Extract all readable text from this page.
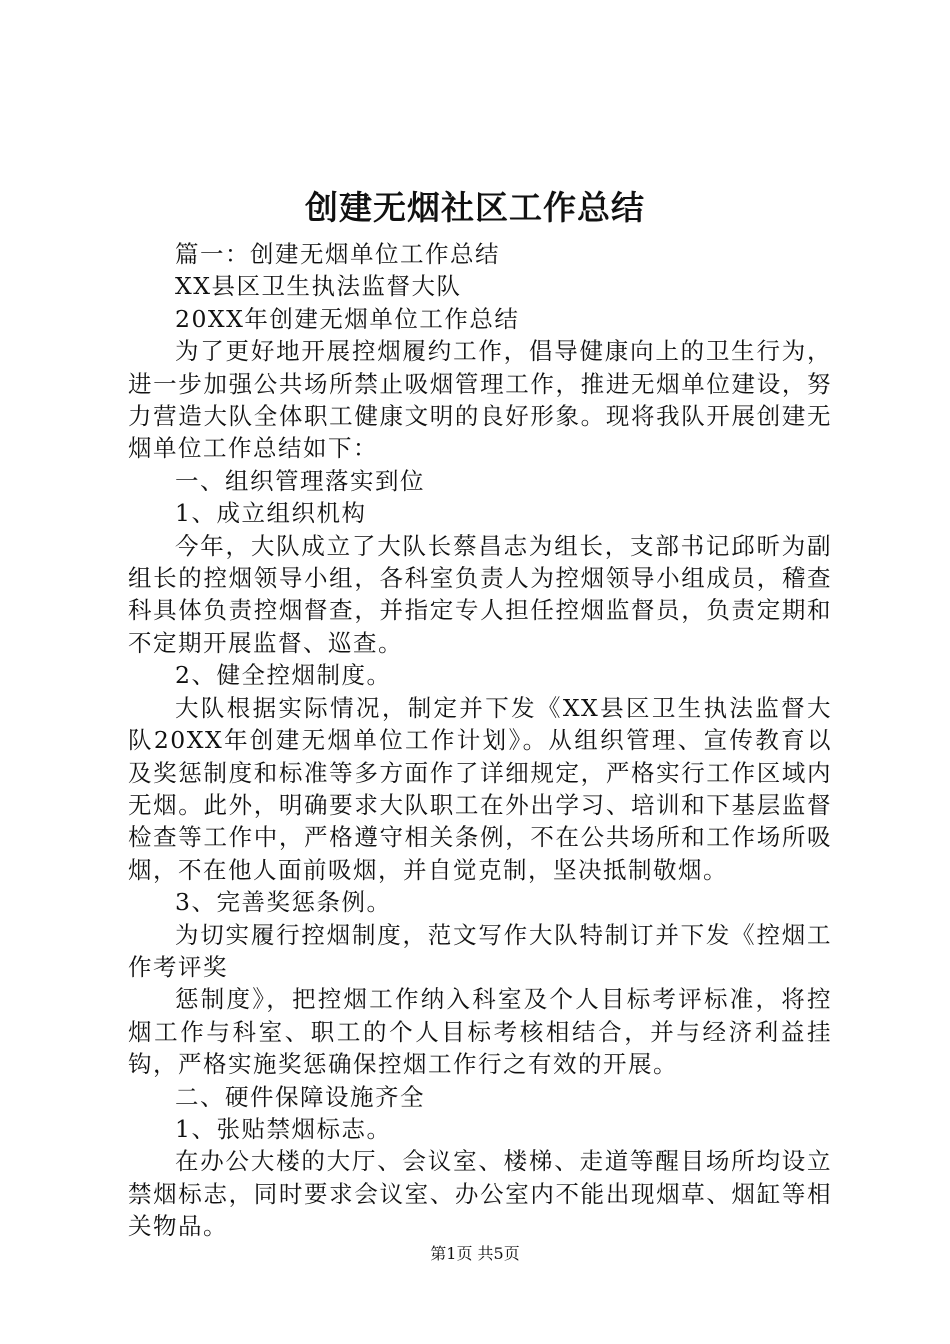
创建无烟社区工作总结

篇一：创建无烟单位工作总结

XX县区卫生执法监督大队

20XX年创建无烟单位工作总结

为了更好地开展控烟履约工作，倡导健康向上的卫生行为，进一步加强公共场所禁止吸烟管理工作，推进无烟单位建设，努力营造大队全体职工健康文明的良好形象。现将我队开展创建无烟单位工作总结如下：

一、组织管理落实到位

1、成立组织机构

今年，大队成立了大队长蔡昌志为组长，支部书记邱昕为副组长的控烟领导小组，各科室负责人为控烟领导小组成员，稽查科具体负责控烟督查，并指定专人担任控烟监督员，负责定期和不定期开展监督、巡查。

2、健全控烟制度。

大队根据实际情况，制定并下发《XX县区卫生执法监督大队20XX年创建无烟单位工作计划》。从组织管理、宣传教育以及奖惩制度和标准等多方面作了详细规定，严格实行工作区域内无烟。此外，明确要求大队职工在外出学习、培训和下基层监督检查等工作中，严格遵守相关条例，不在公共场所和工作场所吸烟，不在他人面前吸烟，并自觉克制，坚决抵制敬烟。

3、完善奖惩条例。

为切实履行控烟制度，范文写作大队特制订并下发《控烟工作考评奖

惩制度》，把控烟工作纳入科室及个人目标考评标准，将控烟工作与科室、职工的个人目标考核相结合，并与经济利益挂钩，严格实施奖惩确保控烟工作行之有效的开展。

二、硬件保障设施齐全

1、张贴禁烟标志。

在办公大楼的大厅、会议室、楼梯、走道等醒目场所均设立禁烟标志，同时要求会议室、办公室内不能出现烟草、烟缸等相关物品。

第1页 共5页
